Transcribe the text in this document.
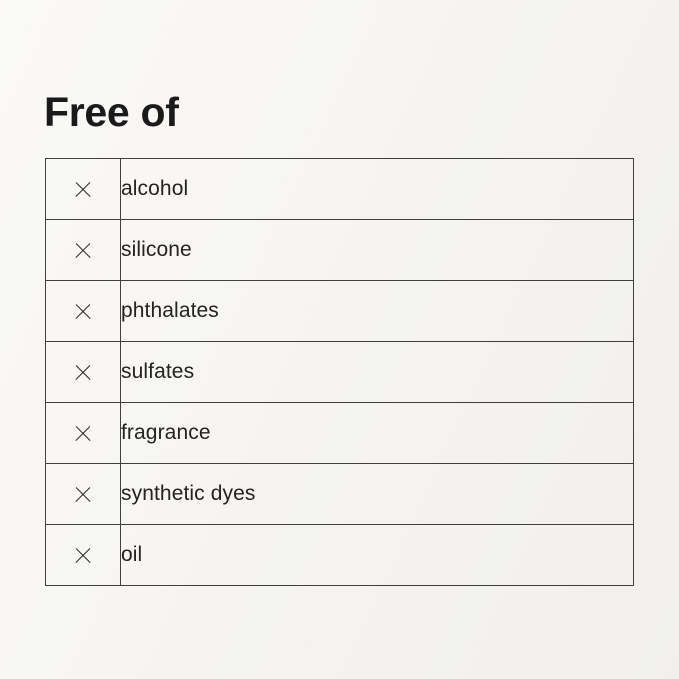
Free of
	alcohol
	silicone
	phthalates
	sulfates
	fragrance
	synthetic dyes
	oil
